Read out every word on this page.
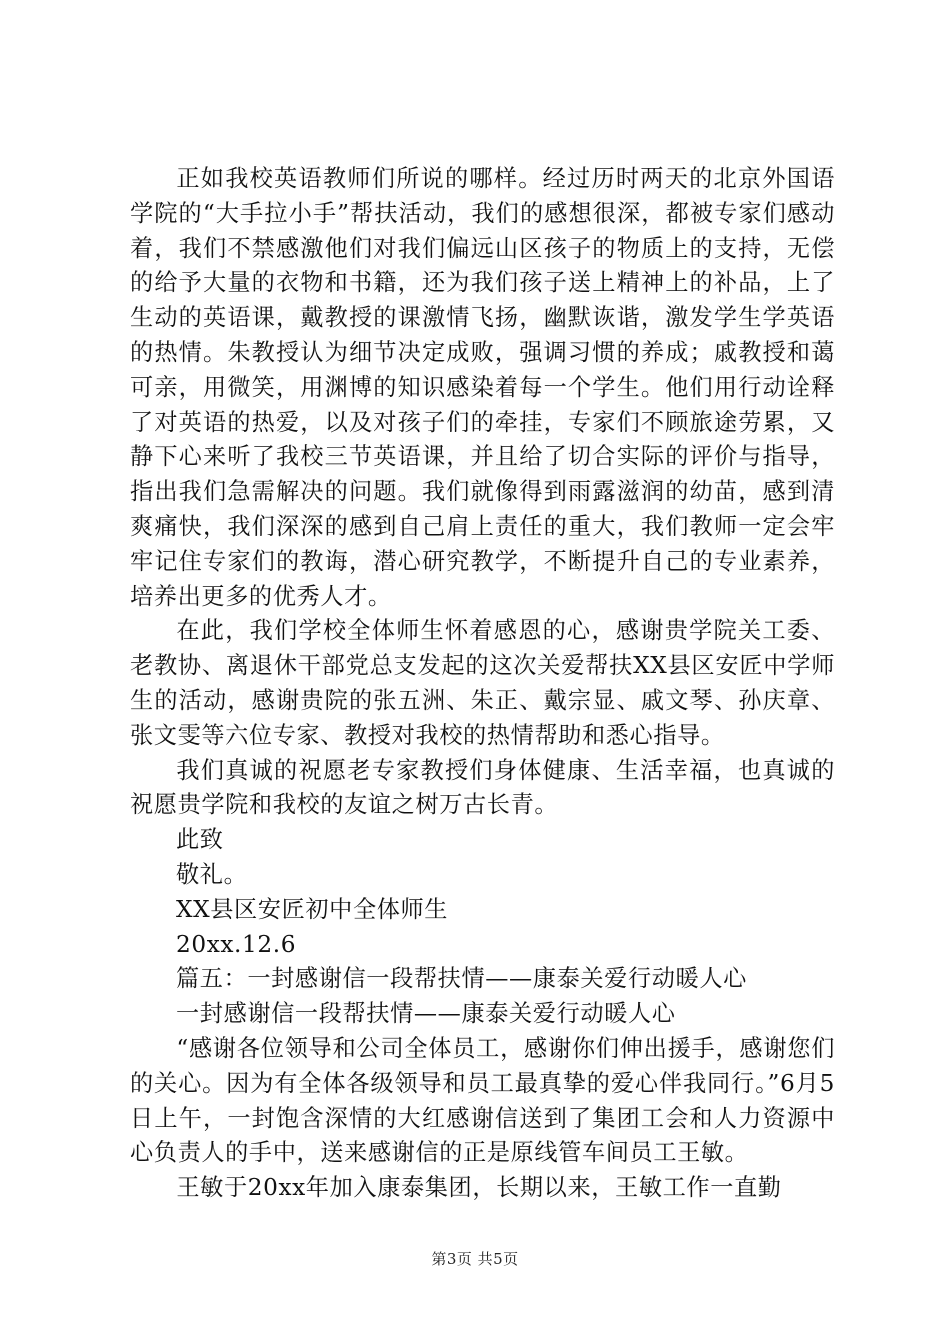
正如我校英语教师们所说的哪样。经过历时两天的北京外国语学院的“大手拉小手”帮扶活动，我们的感想很深，都被专家们感动着，我们不禁感激他们对我们偏远山区孩子的物质上的支持，无偿的给予大量的衣物和书籍，还为我们孩子送上精神上的补品，上了生动的英语课，戴教授的课激情飞扬，幽默诙谐，激发学生学英语的热情。朱教授认为细节决定成败，强调习惯的养成；戚教授和蔼可亲，用微笑，用渊博的知识感染着每一个学生。他们用行动诠释了对英语的热爱，以及对孩子们的牵挂，专家们不顾旅途劳累，又静下心来听了我校三节英语课，并且给了切合实际的评价与指导，指出我们急需解决的问题。我们就像得到雨露滋润的幼苗，感到清爽痛快，我们深深的感到自己肩上责任的重大，我们教师一定会牢牢记住专家们的教诲，潜心研究教学，不断提升自己的专业素养，培养出更多的优秀人才。

在此，我们学校全体师生怀着感恩的心，感谢贵学院关工委、老教协、离退休干部党总支发起的这次关爱帮扶XX县区安匠中学师生的活动，感谢贵院的张五洲、朱正、戴宗显、戚文琴、孙庆章、张文雯等六位专家、教授对我校的热情帮助和悉心指导。

我们真诚的祝愿老专家教授们身体健康、生活幸福，也真诚的祝愿贵学院和我校的友谊之树万古长青。

此致

敬礼。

XX县区安匠初中全体师生

20xx.12.6

篇五：一封感谢信一段帮扶情——康泰关爱行动暖人心

一封感谢信一段帮扶情——康泰关爱行动暖人心

“感谢各位领导和公司全体员工，感谢你们伸出援手，感谢您们的关心。因为有全体各级领导和员工最真挚的爱心伴我同行。”6月5日上午，一封饱含深情的大红感谢信送到了集团工会和人力资源中心负责人的手中，送来感谢信的正是原线管车间员工王敏。

王敏于20xx年加入康泰集团，长期以来，王敏工作一直勤

第3页 共5页
